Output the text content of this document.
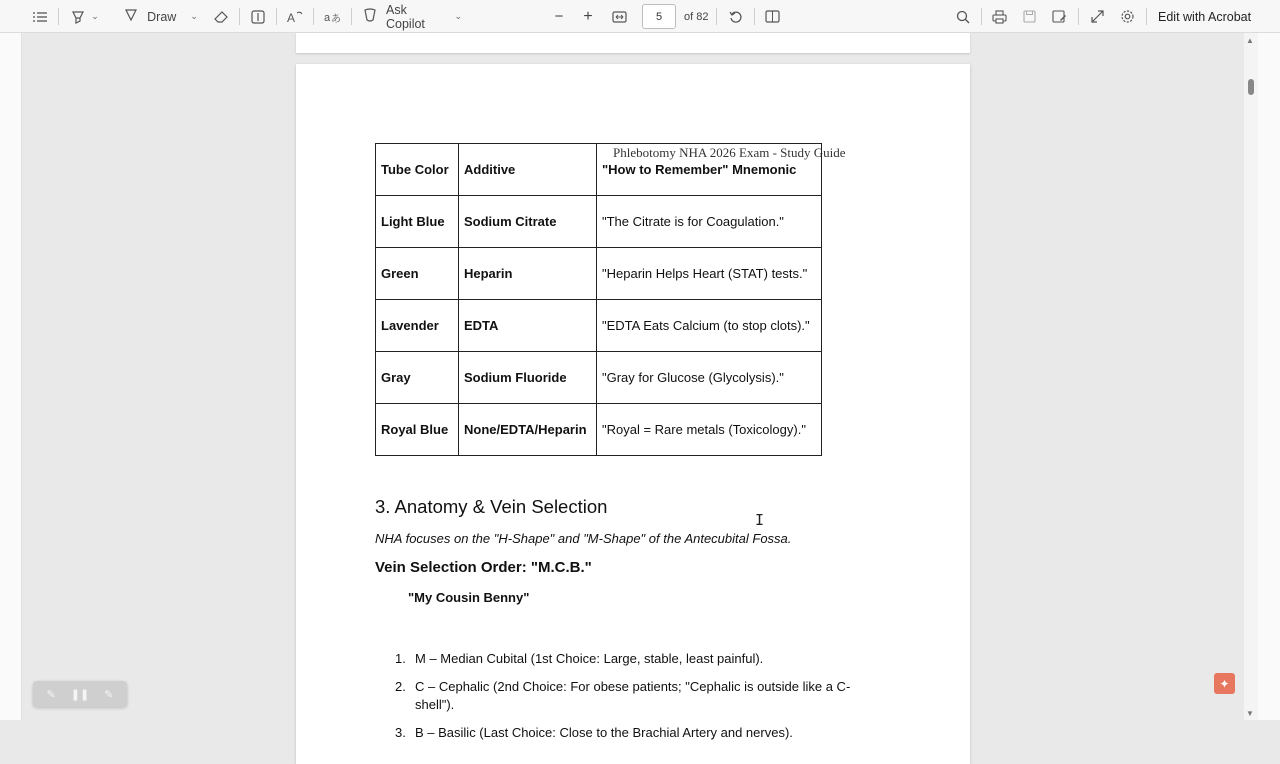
⌄	Draw ⌄	A	a あ
Ask Copilot
⌄	− +	5 of 82	Edit with Acrobat
Phlebotomy NHA 2026 Exam - Study Guide
Tube Color	Additive	"How to Remember" Mnemonic
Light Blue	Sodium Citrate	"The Citrate is for Coagulation."
Green	Heparin	"Heparin Helps Heart (STAT) tests."
Lavender	EDTA	"EDTA Eats Calcium (to stop clots)."
Gray	Sodium Fluoride	"Gray for Glucose (Glycolysis)."
Royal Blue	None/EDTA/Heparin	"Royal = Rare metals (Toxicology)."
3. Anatomy & Vein Selection
NHA focuses on the "H-Shape" and "M-Shape" of the Antecubital Fossa.
Vein Selection Order: "M.C.B."
"My Cousin Benny"
1. M – Median Cubital (1st Choice: Large, stable, least painful).
2. C – Cephalic (2nd Choice: For obese patients; "Cephalic is outside like a C-shell").
3. B – Basilic (Last Choice: Close to the Brachial Artery and nerves).
I
▲
▼
✎ ❚❚ ✎
✦
